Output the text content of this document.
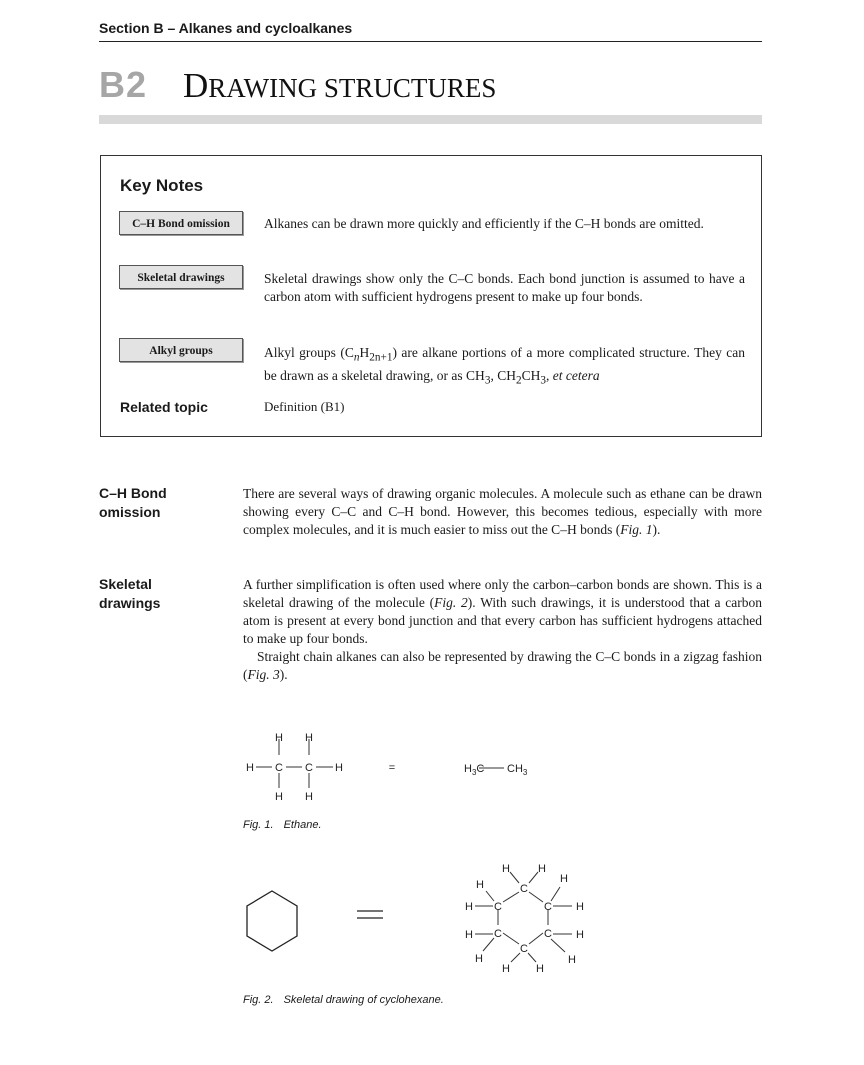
Section B – Alkanes and cycloalkanes
B2 DRAWING STRUCTURES
Key Notes
C–H Bond omission	Alkanes can be drawn more quickly and efficiently if the C–H bonds are omitted.
Skeletal drawings	Skeletal drawings show only the C–C bonds. Each bond junction is assumed to have a carbon atom with sufficient hydrogens present to make up four bonds.
Alkyl groups	Alkyl groups $(C_nH_{2n+1})$ are alkane portions of a more complicated structure. They can be drawn as a skeletal drawing, or as $CH_3$, $CH_2CH_3$, et cetera
Related topic	Definition (B1)
C–H Bond omission
There are several ways of drawing organic molecules. A molecule such as ethane can be drawn showing every C–C and C–H bond. However, this becomes tedious, especially with more complex molecules, and it is much easier to miss out the C–H bonds (Fig. 1).
Skeletal drawings
A further simplification is often used where only the carbon–carbon bonds are shown. This is a skeletal drawing of the molecule (Fig. 2). With such drawings, it is understood that a carbon atom is present at every bond junction and that every carbon has sufficient hydrogens attached to make up four bonds.
Straight chain alkanes can also be represented by drawing the C–C bonds in a zigzag fashion (Fig. 3).
H H
H C C H
H H
=	$H_3C$ $CH_3$
Fig. 1. Ethane.
C
C
C
C
C
C
H	H
H
H
H
H
H
H
H
H
H
H
Fig. 2. Skeletal drawing of cyclohexane.
